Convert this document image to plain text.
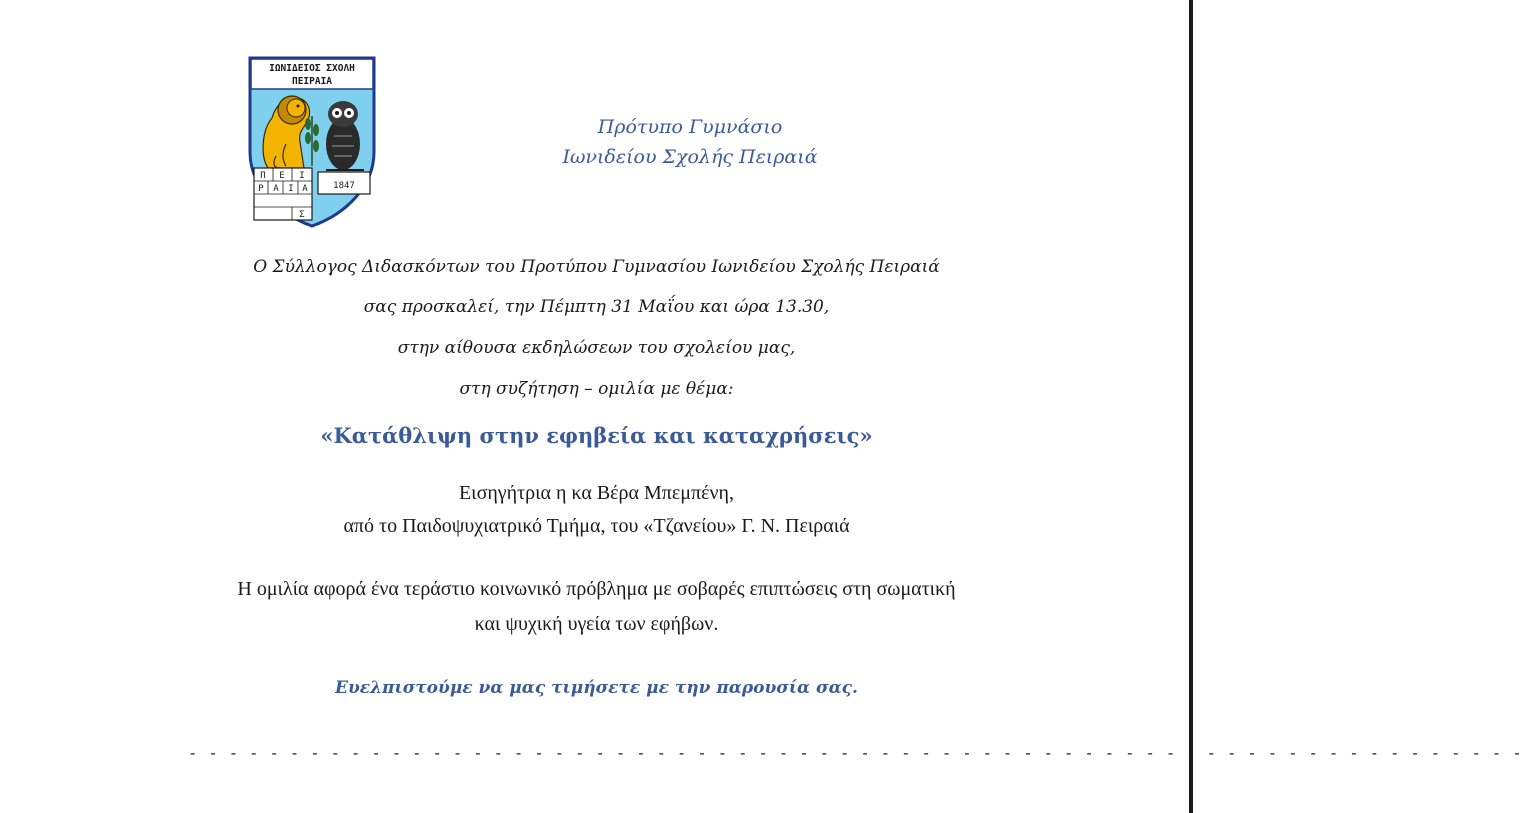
ΙΩΝΙΔΕΙΟΣ ΣΧΟΛΗ
ΠΕΙΡΑΙΑ
1847
Π Ε Ι
Ρ Α Ι Α
Σ
Πρότυπο Γυμνάσιο
Ιωνιδείου Σχολής Πειραιά
Ο Σύλλογος Διδασκόντων του Προτύπου Γυμνασίου Ιωνιδείου Σχολής Πειραιά
σας προσκαλεί, την Πέμπτη 31 Μαΐου και ώρα 13.30,
στην αίθουσα εκδηλώσεων του σχολείου μας,
στη συζήτηση – ομιλία με θέμα:
«Κατάθλιψη στην εφηβεία και καταχρήσεις»
Εισηγήτρια η κα Βέρα Μπεμπένη,
από το Παιδοψυχιατρικό Τμήμα, του «Τζανείου» Γ. Ν. Πειραιά
Η ομιλία αφορά ένα τεράστιο κοινωνικό πρόβλημα με σοβαρές επιπτώσεις στη σωματική
και ψυχική υγεία των εφήβων.
Ευελπιστούμε να μας τιμήσετε με την παρουσία σας.
- - - - - - - - - - - - - - - - - - - - - - - - - - - - - - - - - - - - - - - - - - - - - - - - - - - - - - - - - - - - - - - - - -
